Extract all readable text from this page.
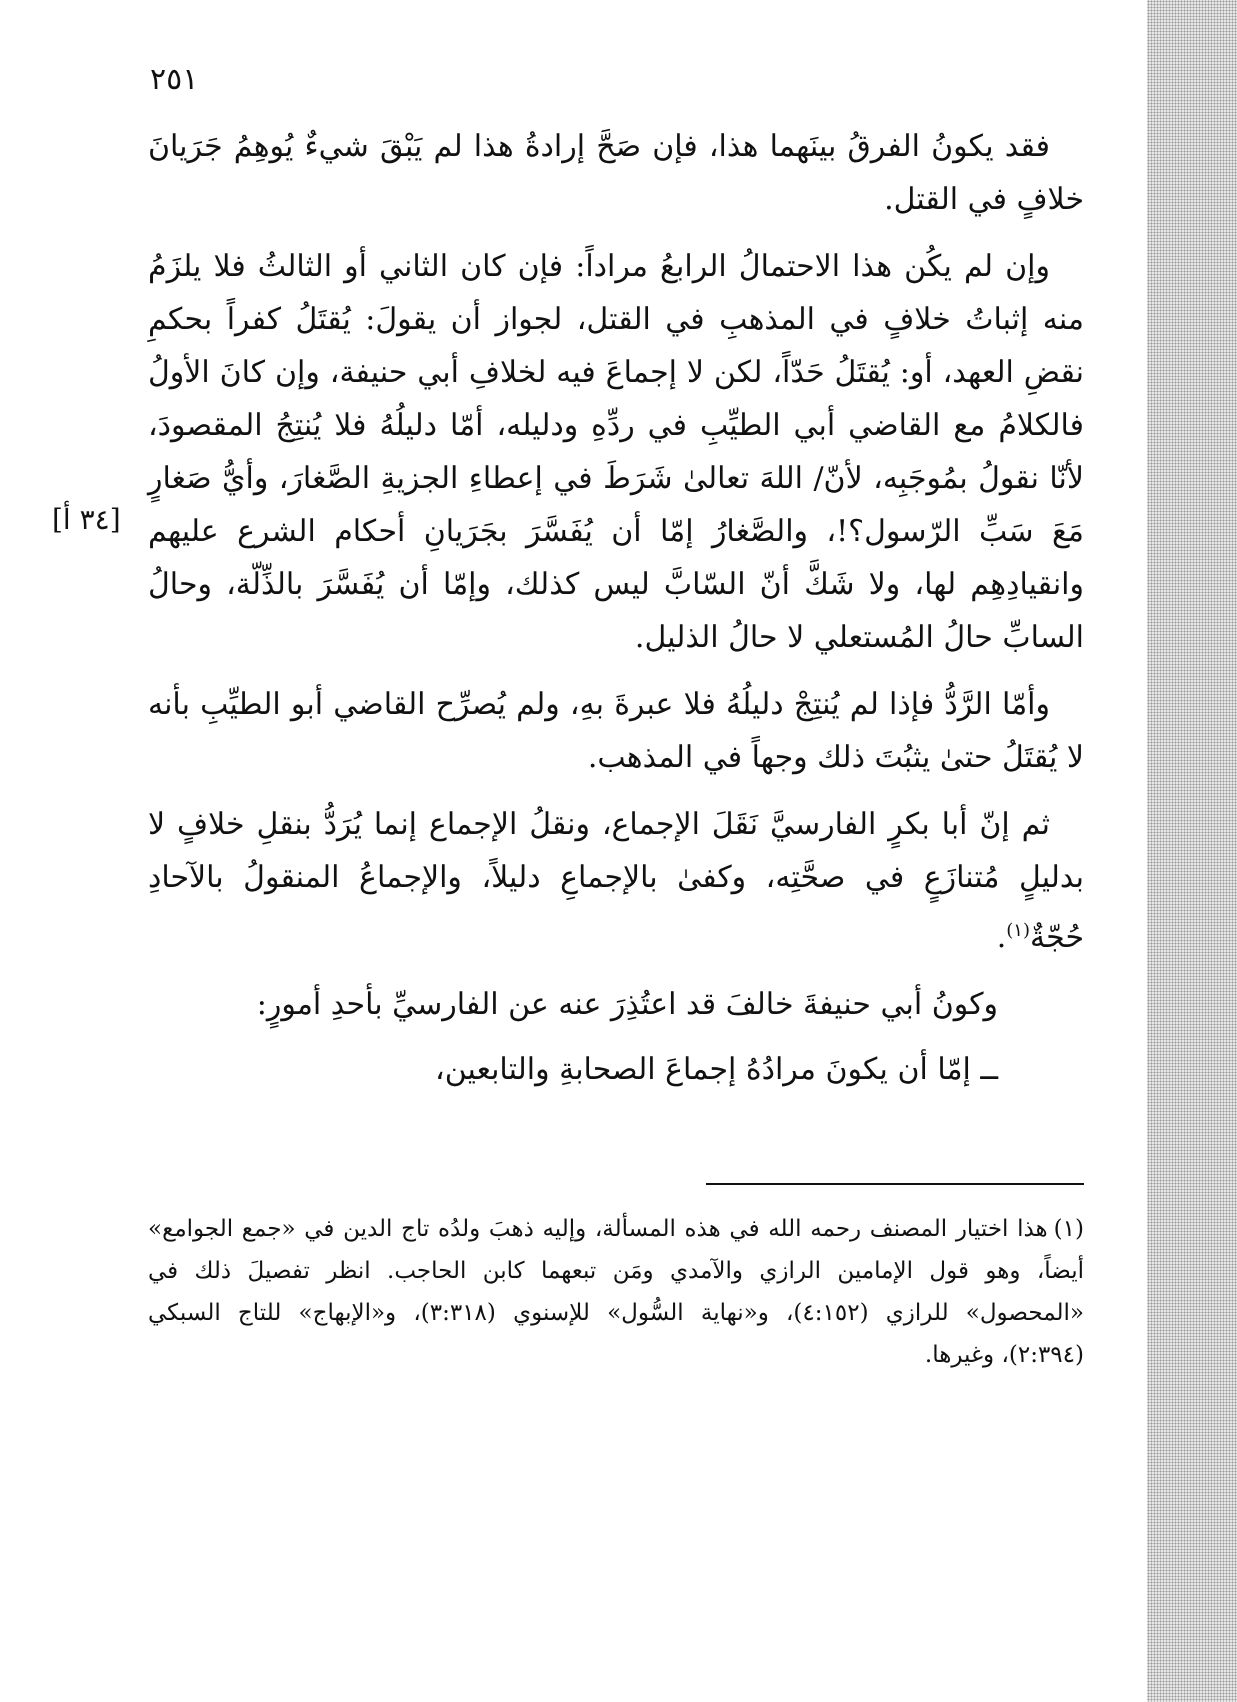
٢٥١
[٣٤ أ]

فقد يكونُ الفرقُ بينَهما هذا، فإن صَحَّ إرادةُ هذا لم يَبْقَ شيءٌ يُوهِمُ جَرَيانَ خلافٍ في القتل.

وإن لم يكُن هذا الاحتمالُ الرابعُ مراداً: فإن كان الثاني أو الثالثُ فلا يلزَمُ منه إثباتُ خلافٍ في المذهبِ في القتل، لجواز أن يقولَ: يُقتَلُ كفراً بحكمِ نقضِ العهد، أو: يُقتَلُ حَدّاً، لكن لا إجماعَ فيه لخلافِ أبي حنيفة، وإن كانَ الأولُ فالكلامُ مع القاضي أبي الطيِّبِ في ردِّهِ ودليله، أمّا دليلُهُ فلا يُنتِجُ المقصودَ، لأنّا نقولُ بمُوجَبِه، لأنّ/ اللهَ تعالىٰ شَرَطَ في إعطاءِ الجزيةِ الصَّغارَ، وأيُّ صَغارٍ مَعَ سَبِّ الرّسول؟!، والصَّغارُ إمّا أن يُفَسَّرَ بجَرَيانِ أحكام الشرع عليهم وانقيادِهِم لها، ولا شَكَّ أنّ السّابَّ ليس كذلك، وإمّا أن يُفَسَّرَ بالذِّلّة، وحالُ السابِّ حالُ المُستعلي لا حالُ الذليل.

وأمّا الرَّدُّ فإذا لم يُنتِجْ دليلُهُ فلا عبرةَ بهِ، ولم يُصرِّح القاضي أبو الطيِّبِ بأنه لا يُقتَلُ حتىٰ يثبُتَ ذلك وجهاً في المذهب.

ثم إنّ أبا بكرٍ الفارسيَّ نَقَلَ الإجماع، ونقلُ الإجماع إنما يُرَدُّ بنقلِ خلافٍ لا بدليلٍ مُتنازَعٍ في صحَّتِه، وكفىٰ بالإجماعِ دليلاً، والإجماعُ المنقولُ بالآحادِ حُجّةٌ$^{(١)}$.

وكونُ أبي حنيفةَ خالفَ قد اعتُذِرَ عنه عن الفارسيِّ بأحدِ أمورٍ:

ــ إمّا أن يكونَ مرادُهُ إجماعَ الصحابةِ والتابعين،

(١)هذا اختيار المصنف رحمه الله في هذه المسألة، وإليه ذهبَ ولدُه تاج الدين في «جمع الجوامع» أيضاً، وهو قول الإمامين الرازي والآمدي ومَن تبعهما كابن الحاجب. انظر تفصيلَ ذلك في «المحصول» للرازي (٤:١٥٢)، و«نهاية السُّول» للإسنوي (٣:٣١٨)، و«الإبهاج» للتاج السبكي (٢:٣٩٤)، وغيرها.
